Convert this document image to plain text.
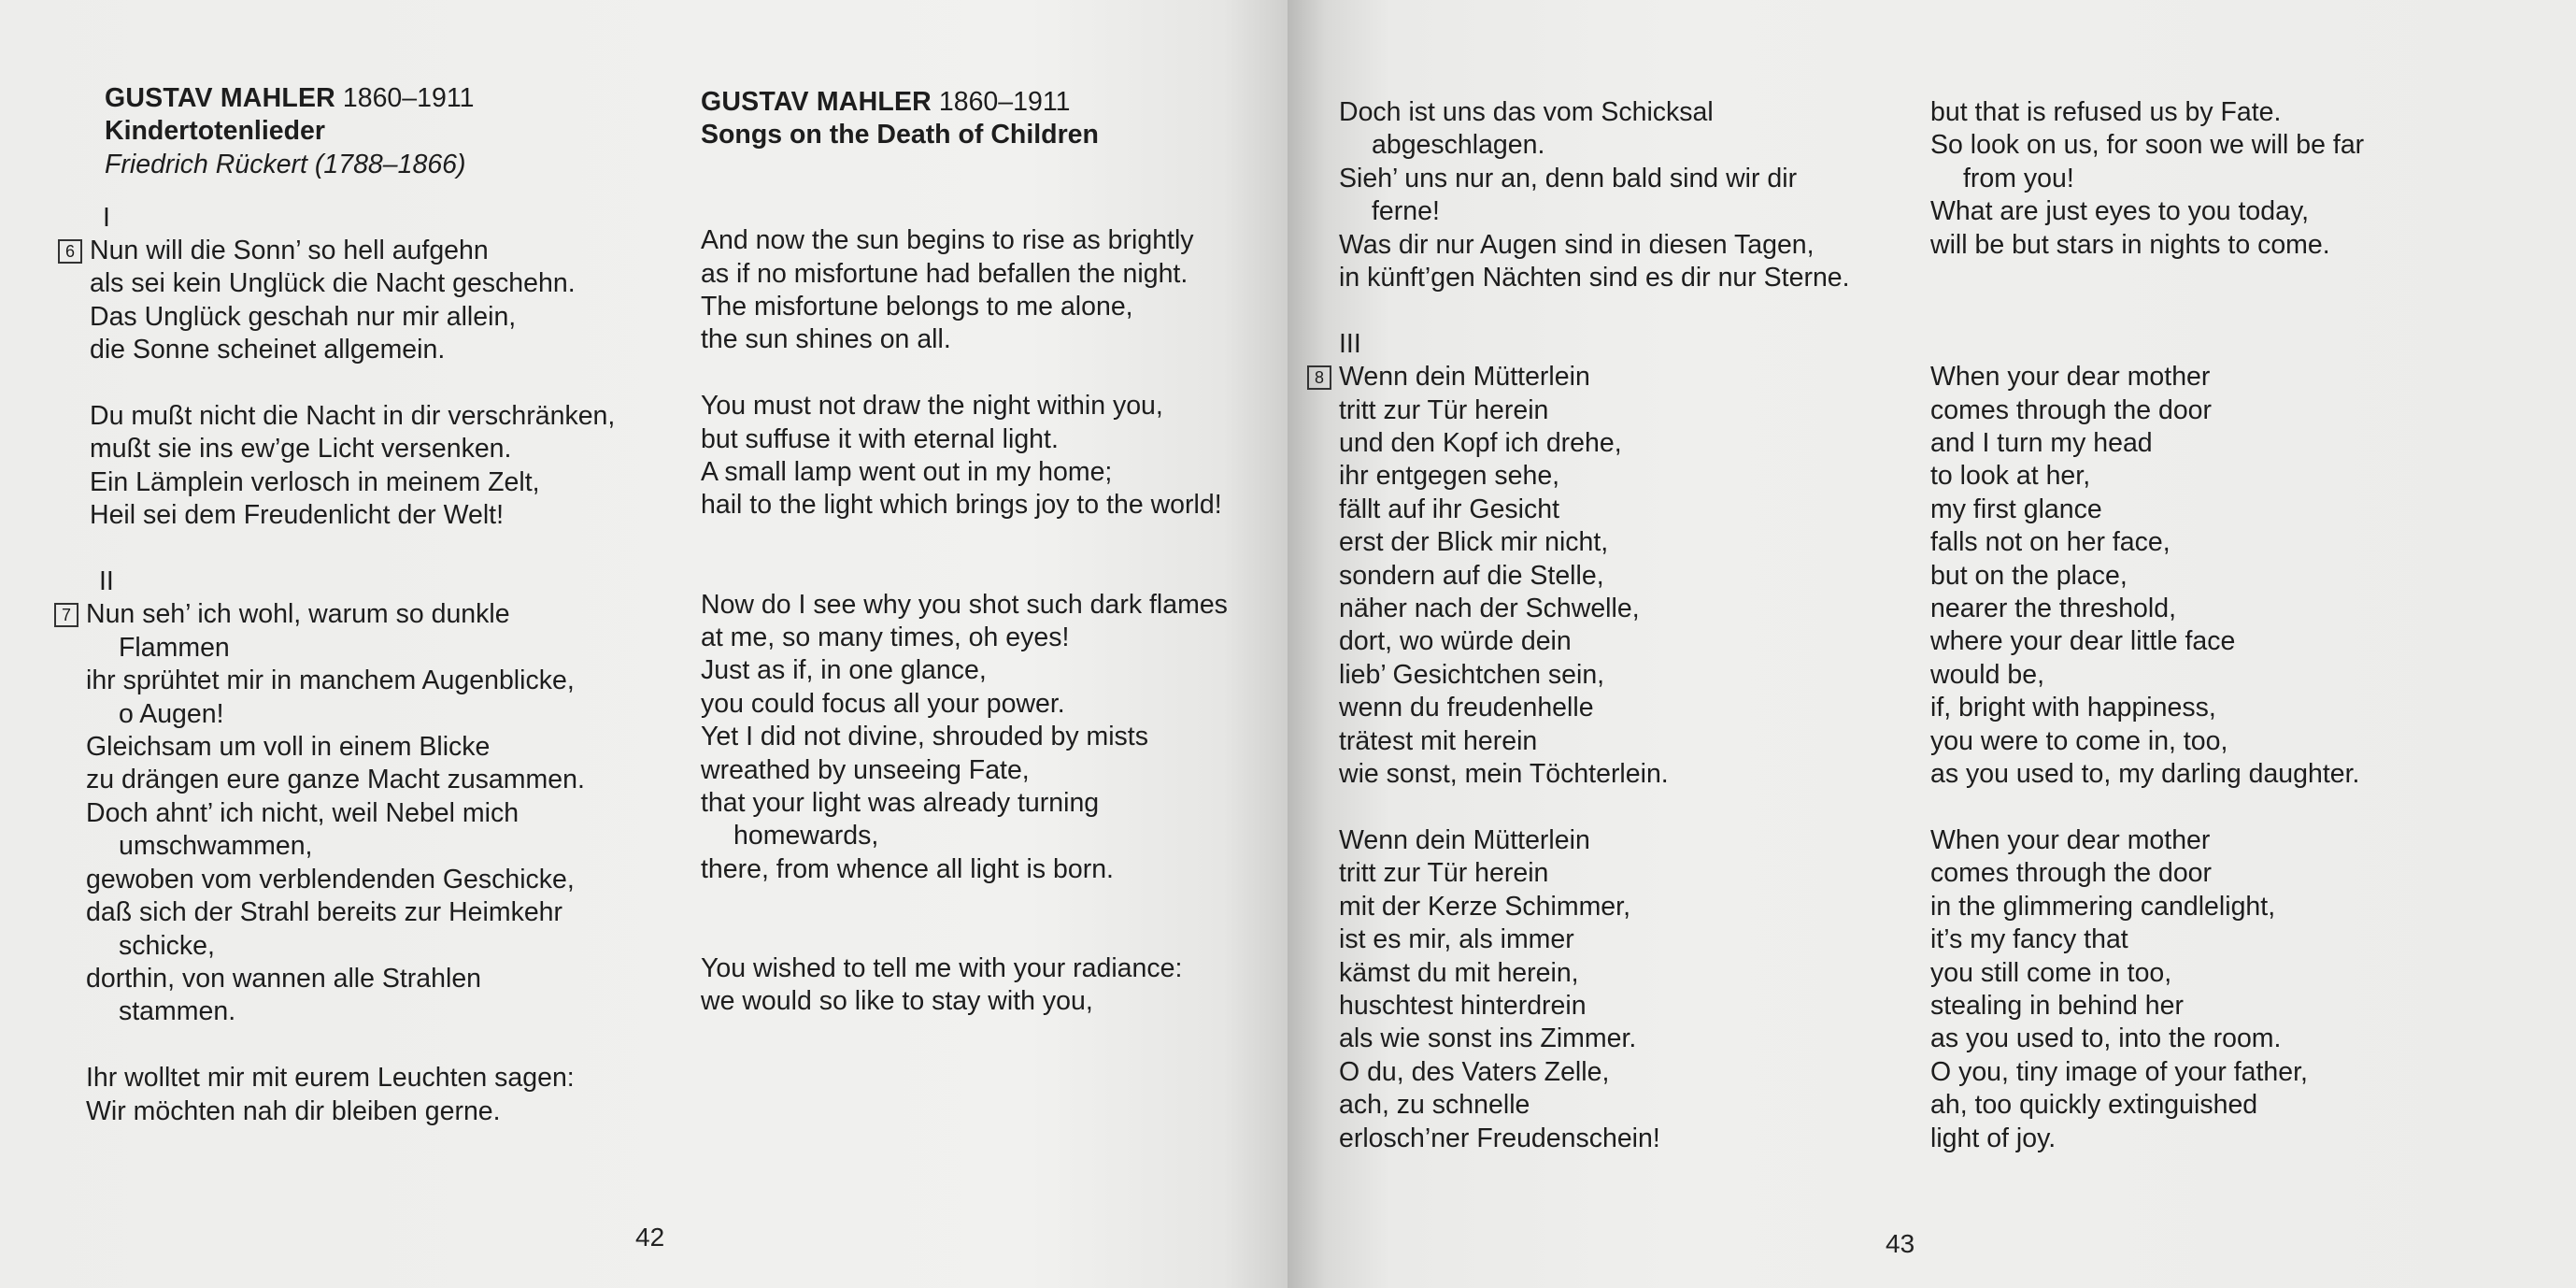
GUSTAV MAHLER 1860–1911

Kindertotenlieder

Friedrich Rückert (1788–1866)

I

6 Nun will die Sonn’ so hell aufgehn

als sei kein Unglück die Nacht geschehn.

Das Unglück geschah nur mir allein,

die Sonne scheinet allgemein.

Du mußt nicht die Nacht in dir verschränken,

mußt sie ins ew’ge Licht versenken.

Ein Lämplein verlosch in meinem Zelt,

Heil sei dem Freudenlicht der Welt!

II

7 Nun seh’ ich wohl, warum so dunkle

Flammen

ihr sprühtet mir in manchem Augenblicke,

o Augen!

Gleichsam um voll in einem Blicke

zu drängen eure ganze Macht zusammen.

Doch ahnt’ ich nicht, weil Nebel mich

umschwammen,

gewoben vom verblendenden Geschicke,

daß sich der Strahl bereits zur Heimkehr

schicke,

dorthin, von wannen alle Strahlen

stammen.

Ihr wolltet mir mit eurem Leuchten sagen:

Wir möchten nah dir bleiben gerne.

GUSTAV MAHLER 1860–1911

Songs on the Death of Children

And now the sun begins to rise as brightly

as if no misfortune had befallen the night.

The misfortune belongs to me alone,

the sun shines on all.

You must not draw the night within you,

but suffuse it with eternal light.

A small lamp went out in my home;

hail to the light which brings joy to the world!

Now do I see why you shot such dark flames

at me, so many times, oh eyes!

Just as if, in one glance,

you could focus all your power.

Yet I did not divine, shrouded by mists

wreathed by unseeing Fate,

that your light was already turning

homewards,

there, from whence all light is born.

You wished to tell me with your radiance:

we would so like to stay with you,

42

Doch ist uns das vom Schicksal

abgeschlagen.

Sieh’ uns nur an, denn bald sind wir dir

ferne!

Was dir nur Augen sind in diesen Tagen,

in künft’gen Nächten sind es dir nur Sterne.

III

8 Wenn dein Mütterlein

tritt zur Tür herein

und den Kopf ich drehe,

ihr entgegen sehe,

fällt auf ihr Gesicht

erst der Blick mir nicht,

sondern auf die Stelle,

näher nach der Schwelle,

dort, wo würde dein

lieb’ Gesichtchen sein,

wenn du freudenhelle

trätest mit herein

wie sonst, mein Töchterlein.

Wenn dein Mütterlein

tritt zur Tür herein

mit der Kerze Schimmer,

ist es mir, als immer

kämst du mit herein,

huschtest hinterdrein

als wie sonst ins Zimmer.

O du, des Vaters Zelle,

ach, zu schnelle

erlosch’ner Freudenschein!

but that is refused us by Fate.

So look on us, for soon we will be far

from you!

What are just eyes to you today,

will be but stars in nights to come.

When your dear mother

comes through the door

and I turn my head

to look at her,

my first glance

falls not on her face,

but on the place,

nearer the threshold,

where your dear little face

would be,

if, bright with happiness,

you were to come in, too,

as you used to, my darling daughter.

When your dear mother

comes through the door

in the glimmering candlelight,

it’s my fancy that

you still come in too,

stealing in behind her

as you used to, into the room.

O you, tiny image of your father,

ah, too quickly extinguished

light of joy.

43
